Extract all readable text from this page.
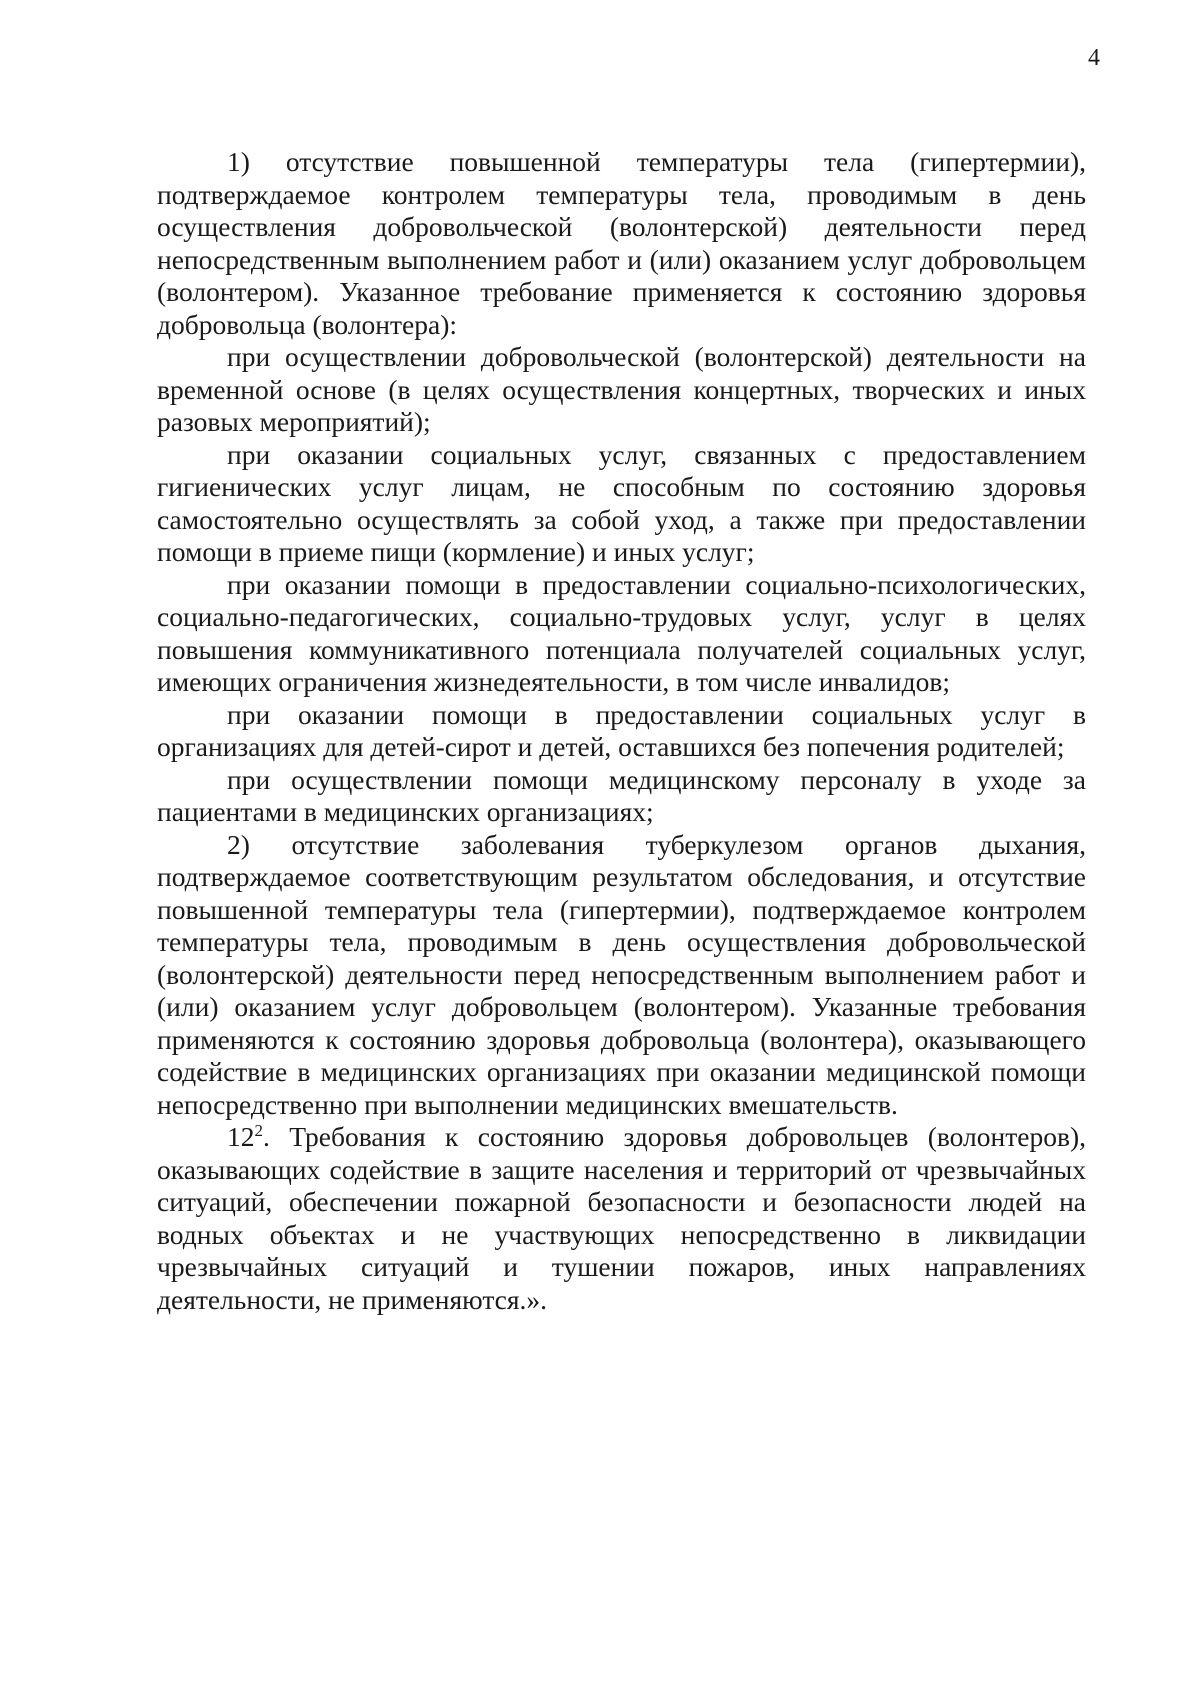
4

1) отсутствие повышенной температуры тела (гипертермии), подтверждаемое контролем температуры тела, проводимым в день осуществления добровольческой (волонтерской) деятельности перед непосредственным выполнением работ и (или) оказанием услуг добровольцем (волонтером). Указанное требование применяется к состоянию здоровья добровольца (волонтера):

при осуществлении добровольческой (волонтерской) деятельности на временной основе (в целях осуществления концертных, творческих и иных разовых мероприятий);

при оказании социальных услуг, связанных с предоставлением гигиенических услуг лицам, не способным по состоянию здоровья самостоятельно осуществлять за собой уход, а также при предоставлении помощи в приеме пищи (кормление) и иных услуг;

при оказании помощи в предоставлении социально-психологических, социально-педагогических, социально-трудовых услуг, услуг в целях повышения коммуникативного потенциала получателей социальных услуг, имеющих ограничения жизнедеятельности, в том числе инвалидов;

при оказании помощи в предоставлении социальных услуг в организациях для детей-сирот и детей, оставшихся без попечения родителей;

при осуществлении помощи медицинскому персоналу в уходе за пациентами в медицинских организациях;

2) отсутствие заболевания туберкулезом органов дыхания, подтверждаемое соответствующим результатом обследования, и отсутствие повышенной температуры тела (гипертермии), подтверждаемое контролем температуры тела, проводимым в день осуществления добровольческой (волонтерской) деятельности перед непосредственным выполнением работ и (или) оказанием услуг добровольцем (волонтером). Указанные требования применяются к состоянию здоровья добровольца (волонтера), оказывающего содействие в медицинских организациях при оказании медицинской помощи непосредственно при выполнении медицинских вмешательств.

$12^2$. Требования к состоянию здоровья добровольцев (волонтеров), оказывающих содействие в защите населения и территорий от чрезвычайных ситуаций, обеспечении пожарной безопасности и безопасности людей на водных объектах и не участвующих непосредственно в ликвидации чрезвычайных ситуаций и тушении пожаров, иных направлениях деятельности, не применяются.».
